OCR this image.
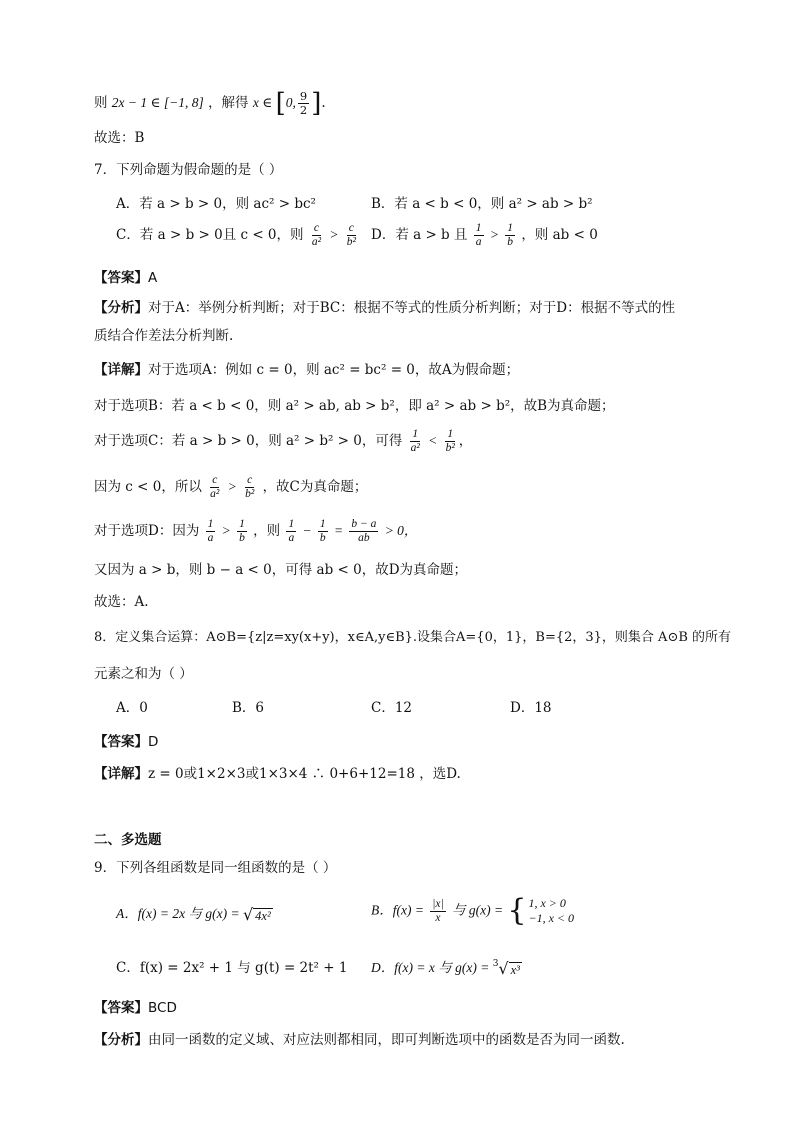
则 2x − 1 ∈ [−1, 8] ，解得 x ∈ [0, $\frac{9}{2}$ ].
故选：B
7．下列命题为假命题的是（ ）
A．若 a > b > 0，则 ac² > bc²	B．若 a < b < 0，则 a² > ab > b²
C．若 a > b > 0且 c < 0，则 $\frac{c}{\text{a²}} > \frac{c}{\text{b²}}$ D．若 a > b 且 $\frac{1}{a} > \frac{1}{b}$ ，则 ab < 0
【答案】A
【分析】对于A：举例分析判断；对于BC：根据不等式的性质分析判断；对于D：根据不等式的性
质结合作差法分析判断.
【详解】对于选项A：例如 c = 0，则 ac² = bc² = 0，故A为假命题；
对于选项B：若 a < b < 0，则 a² > ab, ab > b²，即 a² > ab > b²，故B为真命题；
对于选项C：若 a > b > 0，则 a² > b² > 0，可得 $\frac{1}{\text{a²}} < \frac{1}{\text{b²}}$ ，
因为 c < 0，所以 $\frac{c}{\text{a²}} > \frac{c}{\text{b²}}$ ，故C为真命题；
对于选项D：因为 $\frac{1}{a} > \frac{1}{b}$ ，则 $\frac{1}{a} - \frac{1}{b} = \frac{b - a}{ab} > 0$，
又因为 a > b，则 b − a < 0，可得 ab < 0，故D为真命题；
故选：A.
8．定义集合运算：A⊙B={z|z=xy(x+y)，x∈A,y∈B}.设集合A={0，1}，B={2，3}，则集合 A⊙B 的所有
元素之和为（ ）
A．0	B．6	C．12	D．18
【答案】D
【详解】z = 0或1×2×3或1×3×4 ∴ 0+6+12=18 ，选D.
二、多选题
9．下列各组函数是同一组函数的是（ ）
A．f(x) = 2x 与 g(x) = √ 4x²	B．$f(x) = \frac{|x|}{x}$ 与 g(x) = { 1, x > 0
−1, x < 0
C．f(x) = 2x² + 1 与 g(t) = 2t² + 1 D．f(x) = x 与 g(x) = $^3$√ x³
【答案】BCD
【分析】由同一函数的定义域、对应法则都相同，即可判断选项中的函数是否为同一函数.
